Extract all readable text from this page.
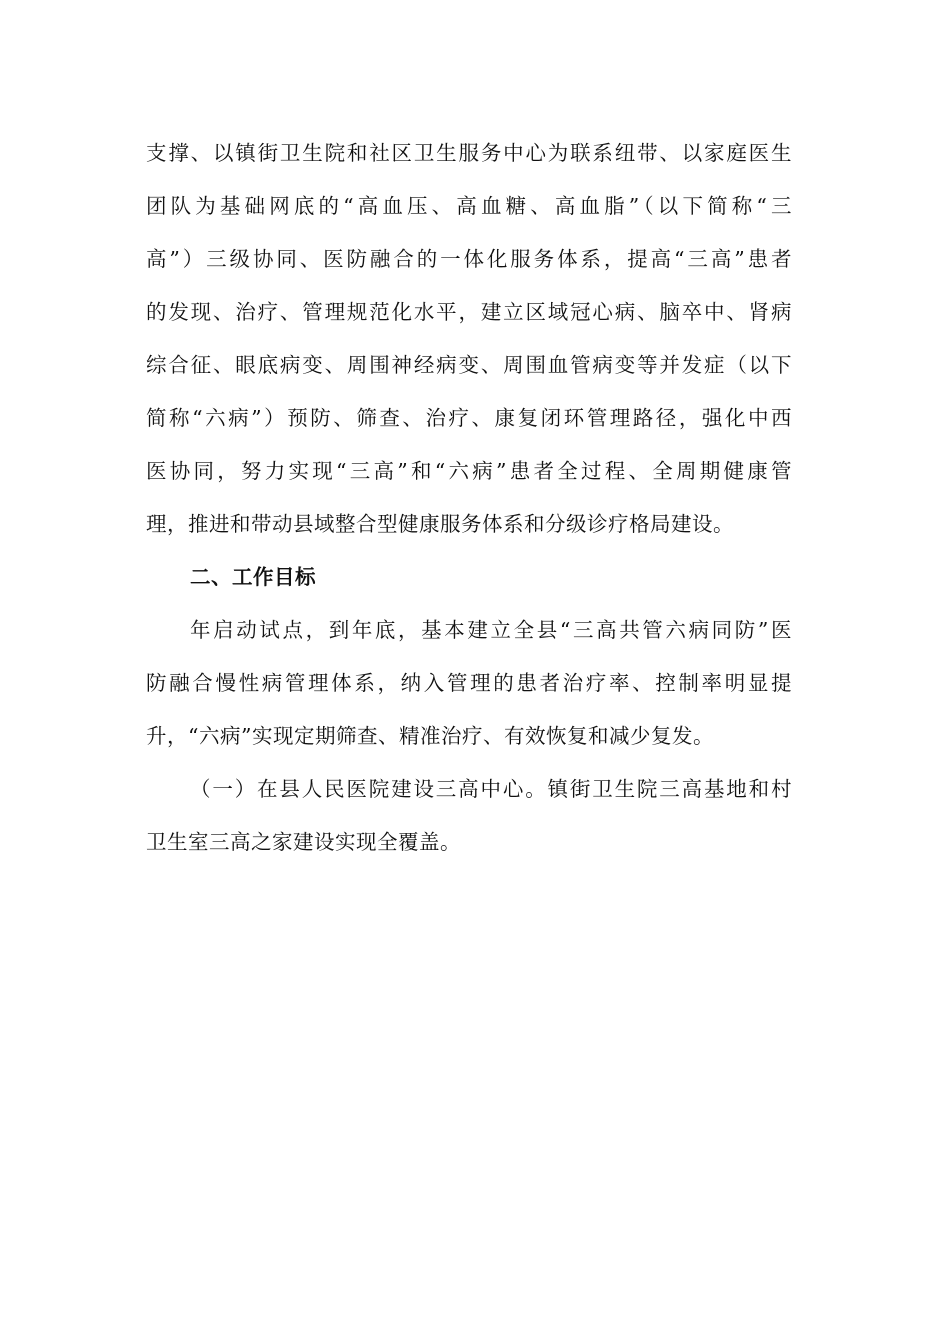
支撑、以镇街卫生院和社区卫生服务中心为联系纽带、以家庭医生
团队为基础网底的“高血压、高血糖、高血脂”（以下简称“三
高”）三级协同、医防融合的一体化服务体系，提高“三高”患者
的发现、治疗、管理规范化水平，建立区域冠心病、脑卒中、肾病
综合征、眼底病变、周围神经病变、周围血管病变等并发症（以下
简称“六病”）预防、筛查、治疗、康复闭环管理路径，强化中西
医协同，努力实现“三高”和“六病”患者全过程、全周期健康管
理，推进和带动县域整合型健康服务体系和分级诊疗格局建设。
二、工作目标
年启动试点，到年底，基本建立全县“三高共管六病同防”医
防融合慢性病管理体系，纳入管理的患者治疗率、控制率明显提
升，“六病”实现定期筛查、精准治疗、有效恢复和减少复发。
（一）在县人民医院建设三高中心。镇街卫生院三高基地和村
卫生室三高之家建设实现全覆盖。
